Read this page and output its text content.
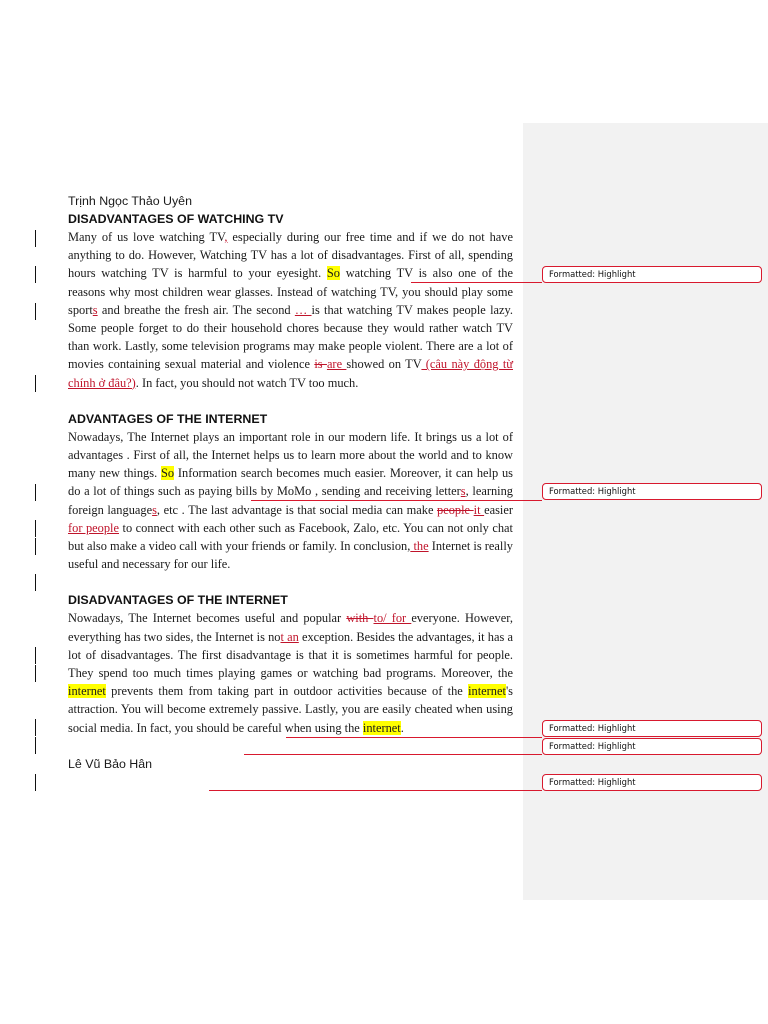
Trịnh Ngọc Thảo Uyên
DISADVANTAGES OF WATCHING TV

Many of us love watching TV, especially during our free time and if we do not have anything to do. However, Watching TV has a lot of disadvantages. First of all, spending hours watching TV is harmful to your eyesight. So watching TV is also one of the reasons why most children wear glasses. Instead of watching TV, you should play some sports and breathe the fresh air. The second … is that watching TV makes people lazy. Some people forget to do their household chores because they would rather watch TV than work. Lastly, some television programs may make people violent. There are a lot of movies containing sexual material and violence is are showed on TV (câu này động từ chính ở đâu?). In fact, you should not watch TV too much.

ADVANTAGES OF THE INTERNET

Nowadays, The Internet plays an important role in our modern life. It brings us a lot of advantages . First of all, the Internet helps us to learn more about the world and to know many new things. So Information search becomes much easier. Moreover, it can help us do a lot of things such as paying bills by MoMo , sending and receiving letters, learning foreign languages, etc . The last advantage is that social media can make people it easier for people to connect with each other such as Facebook, Zalo, etc. You can not only chat but also make a video call with your friends or family. In conclusion, the Internet is really useful and necessary for our life.

DISADVANTAGES OF THE INTERNET

Nowadays, The Internet becomes useful and popular with to/ for everyone. However, everything has two sides, the Internet is not an exception. Besides the advantages, it has a lot of disadvantages. The first disadvantage is that it is sometimes harmful for people. They spend too much times playing games or watching bad programs. Moreover, the internet prevents them from taking part in outdoor activities because of the internet's attraction. You will become extremely passive. Lastly, you are easily cheated when using social media. In fact, you should be careful when using the internet.

Lê Vũ Bảo Hân
Formatted: Highlight
Formatted: Highlight
Formatted: Highlight
Formatted: Highlight
Formatted: Highlight
